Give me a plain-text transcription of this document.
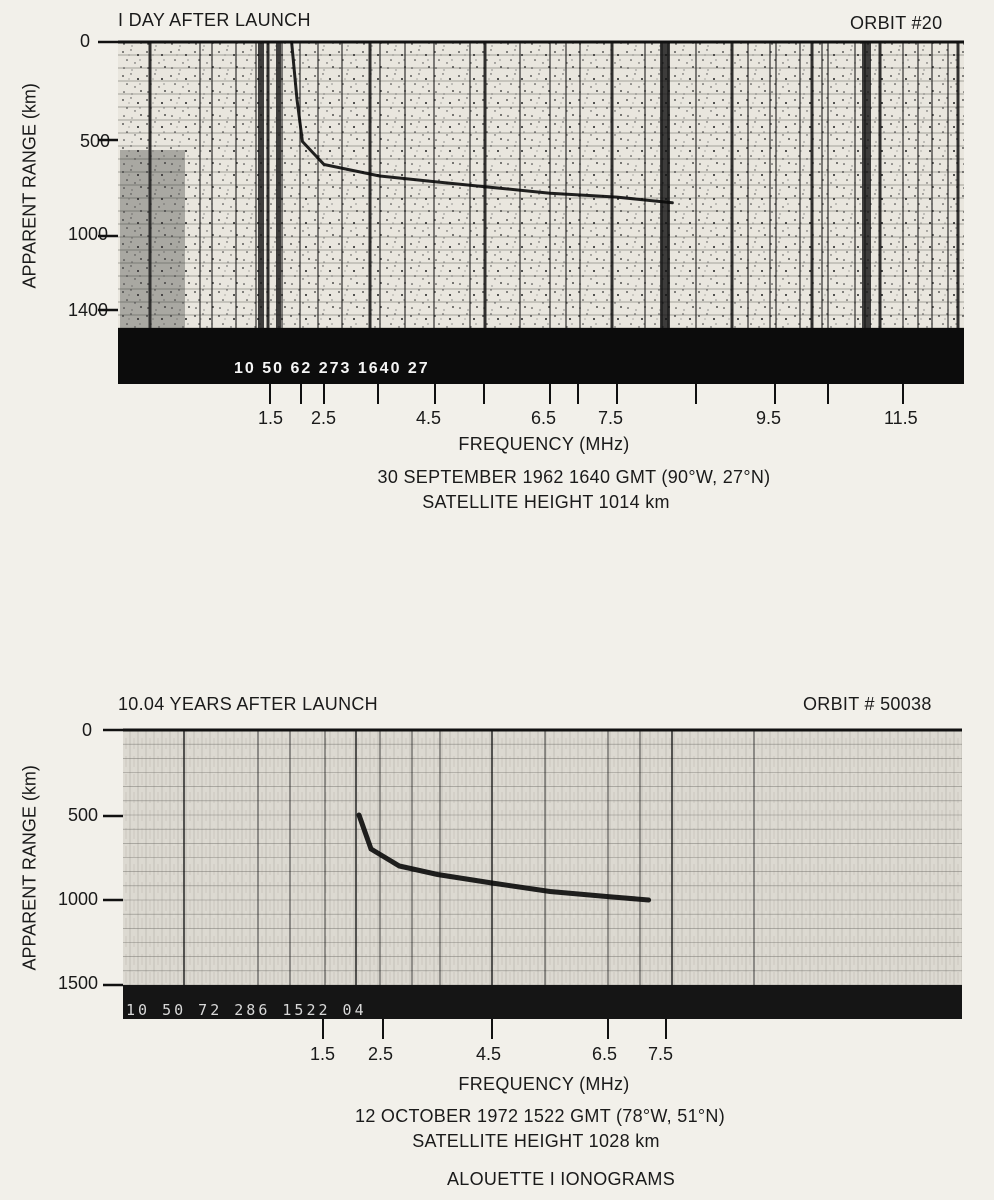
I DAY AFTER LAUNCH	ORBIT #20
APPARENT RANGE (km)
0
500
1000
1400
10 50 62 273 1640 27
1.5 2.5	4.5	6.5 7.5	9.5	11.5
FREQUENCY (MHz)
30 SEPTEMBER 1962 1640 GMT (90°W, 27°N)
SATELLITE HEIGHT 1014 km
10.04 YEARS AFTER LAUNCH	ORBIT # 50038
APPARENT RANGE (km)
0
500
1000
1500
10 50 72 286 1522 04
1.5 2.5	4.5	6.5 7.5
FREQUENCY (MHz)
12 OCTOBER 1972 1522 GMT (78°W, 51°N)
SATELLITE HEIGHT 1028 km
ALOUETTE I IONOGRAMS
